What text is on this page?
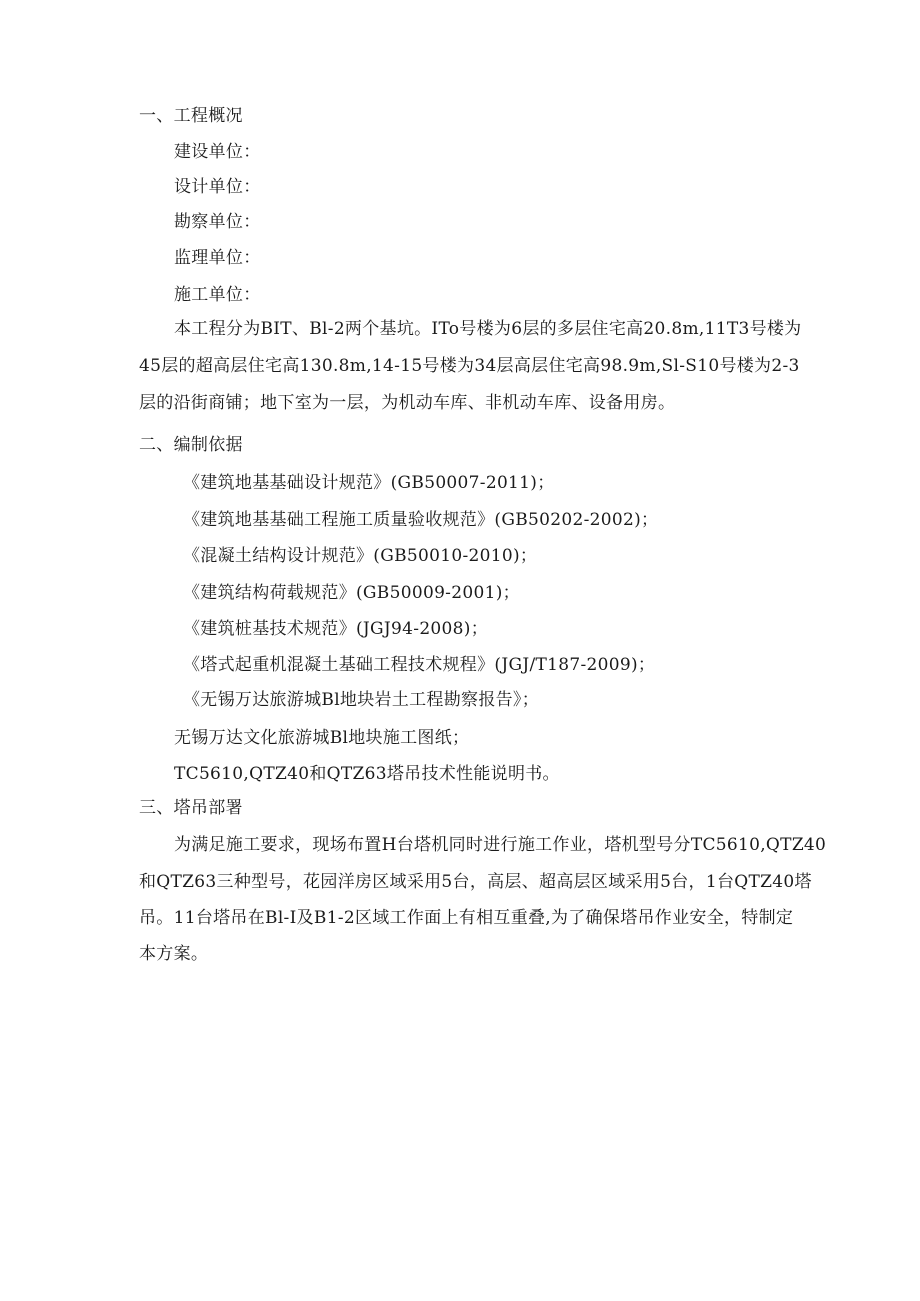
一、工程概况
建设单位：
设计单位：
勘察单位：
监理单位：
施工单位：
本工程分为BIT、Bl-2两个基坑。ITo号楼为6层的多层住宅高20.8m,11T3号楼为
45层的超高层住宅高130.8m,14-15号楼为34层高层住宅高98.9m,Sl-S10号楼为2-3
层的沿街商铺；地下室为一层，为机动车库、非机动车库、设备用房。
二、编制依据
《建筑地基基础设计规范》(GB50007-2011)；
《建筑地基基础工程施工质量验收规范》(GB50202-2002)；
《混凝土结构设计规范》(GB50010-2010)；
《建筑结构荷载规范》(GB50009-2001)；
《建筑桩基技术规范》(JGJ94-2008)；
《塔式起重机混凝土基础工程技术规程》(JGJ/T187-2009)；
《无锡万达旅游城Bl地块岩土工程勘察报告》；
无锡万达文化旅游城Bl地块施工图纸；
TC5610,QTZ40和QTZ63塔吊技术性能说明书。
三、塔吊部署
为满足施工要求，现场布置H台塔机同时进行施工作业，塔机型号分TC5610,QTZ40
和QTZ63三种型号，花园洋房区域采用5台，高层、超高层区域采用5台，1台QTZ40塔
吊。11台塔吊在Bl-I及B1-2区域工作面上有相互重叠,为了确保塔吊作业安全，特制定
本方案。
